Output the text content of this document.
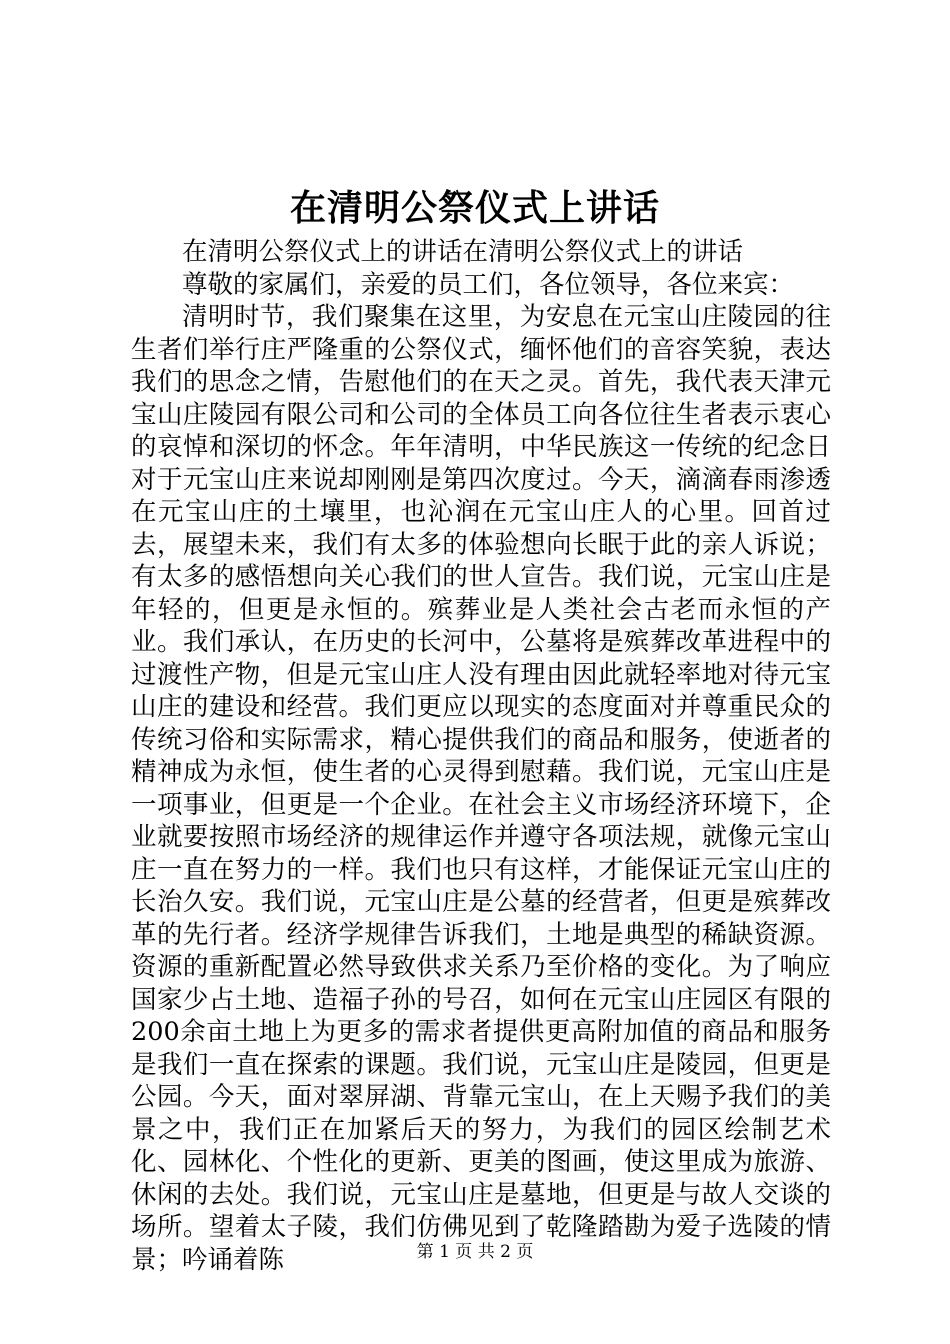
在清明公祭仪式上讲话

在清明公祭仪式上的讲话在清明公祭仪式上的讲话

尊敬的家属们，亲爱的员工们，各位领导，各位来宾：

清明时节，我们聚集在这里，为安息在元宝山庄陵园的往生者们举行庄严隆重的公祭仪式，缅怀他们的音容笑貌，表达我们的思念之情，告慰他们的在天之灵。首先，我代表天津元宝山庄陵园有限公司和公司的全体员工向各位往生者表示衷心的哀悼和深切的怀念。年年清明，中华民族这一传统的纪念日对于元宝山庄来说却刚刚是第四次度过。今天，滴滴春雨渗透在元宝山庄的土壤里，也沁润在元宝山庄人的心里。回首过去，展望未来，我们有太多的体验想向长眠于此的亲人诉说；有太多的感悟想向关心我们的世人宣告。我们说，元宝山庄是年轻的，但更是永恒的。殡葬业是人类社会古老而永恒的产业。我们承认，在历史的长河中，公墓将是殡葬改革进程中的过渡性产物，但是元宝山庄人没有理由因此就轻率地对待元宝山庄的建设和经营。我们更应以现实的态度面对并尊重民众的传统习俗和实际需求，精心提供我们的商品和服务，使逝者的精神成为永恒，使生者的心灵得到慰藉。我们说，元宝山庄是一项事业，但更是一个企业。在社会主义市场经济环境下，企业就要按照市场经济的规律运作并遵守各项法规，就像元宝山庄一直在努力的一样。我们也只有这样，才能保证元宝山庄的长治久安。我们说，元宝山庄是公墓的经营者，但更是殡葬改革的先行者。经济学规律告诉我们，土地是典型的稀缺资源。资源的重新配置必然导致供求关系乃至价格的变化。为了响应国家少占土地、造福子孙的号召，如何在元宝山庄园区有限的200余亩土地上为更多的需求者提供更高附加值的商品和服务是我们一直在探索的课题。我们说，元宝山庄是陵园，但更是公园。今天，面对翠屏湖、背靠元宝山，在上天赐予我们的美景之中，我们正在加紧后天的努力，为我们的园区绘制艺术化、园林化、个性化的更新、更美的图画，使这里成为旅游、休闲的去处。我们说，元宝山庄是墓地，但更是与故人交谈的场所。望着太子陵，我们仿佛见到了乾隆踏勘为爱子选陵的情景；吟诵着陈	第 1 页 共 2 页
